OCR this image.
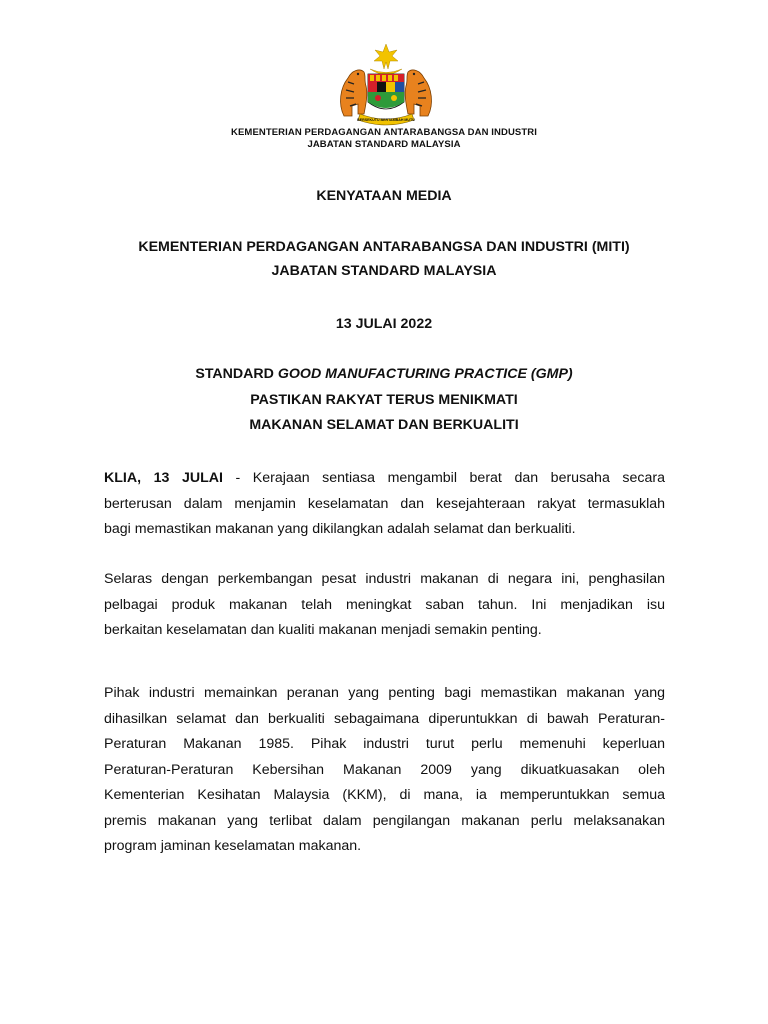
BERSEKUTU BERTAMBAH MUTU
KEMENTERIAN PERDAGANGAN ANTARABANGSA DAN INDUSTRI
JABATAN STANDARD MALAYSIA
KENYATAAN MEDIA
KEMENTERIAN PERDAGANGAN ANTARABANGSA DAN INDUSTRI (MITI)
JABATAN STANDARD MALAYSIA
13 JULAI 2022
STANDARD GOOD MANUFACTURING PRACTICE (GMP)
PASTIKAN RAKYAT TERUS MENIKMATI
MAKANAN SELAMAT DAN BERKUALITI
KLIA, 13 JULAI - Kerajaan sentiasa mengambil berat dan berusaha secara
berterusan dalam menjamin keselamatan dan kesejahteraan rakyat termasuklah
bagi memastikan makanan yang dikilangkan adalah selamat dan berkualiti.
Selaras dengan perkembangan pesat industri makanan di negara ini, penghasilan
pelbagai produk makanan telah meningkat saban tahun. Ini menjadikan isu
berkaitan keselamatan dan kualiti makanan menjadi semakin penting.
Pihak industri memainkan peranan yang penting bagi memastikan makanan yang
dihasilkan selamat dan berkualiti sebagaimana diperuntukkan di bawah Peraturan-
Peraturan Makanan 1985. Pihak industri turut perlu memenuhi keperluan
Peraturan-Peraturan Kebersihan Makanan 2009 yang dikuatkuasakan oleh
Kementerian Kesihatan Malaysia (KKM), di mana, ia memperuntukkan semua
premis makanan yang terlibat dalam pengilangan makanan perlu melaksanakan
program jaminan keselamatan makanan.
